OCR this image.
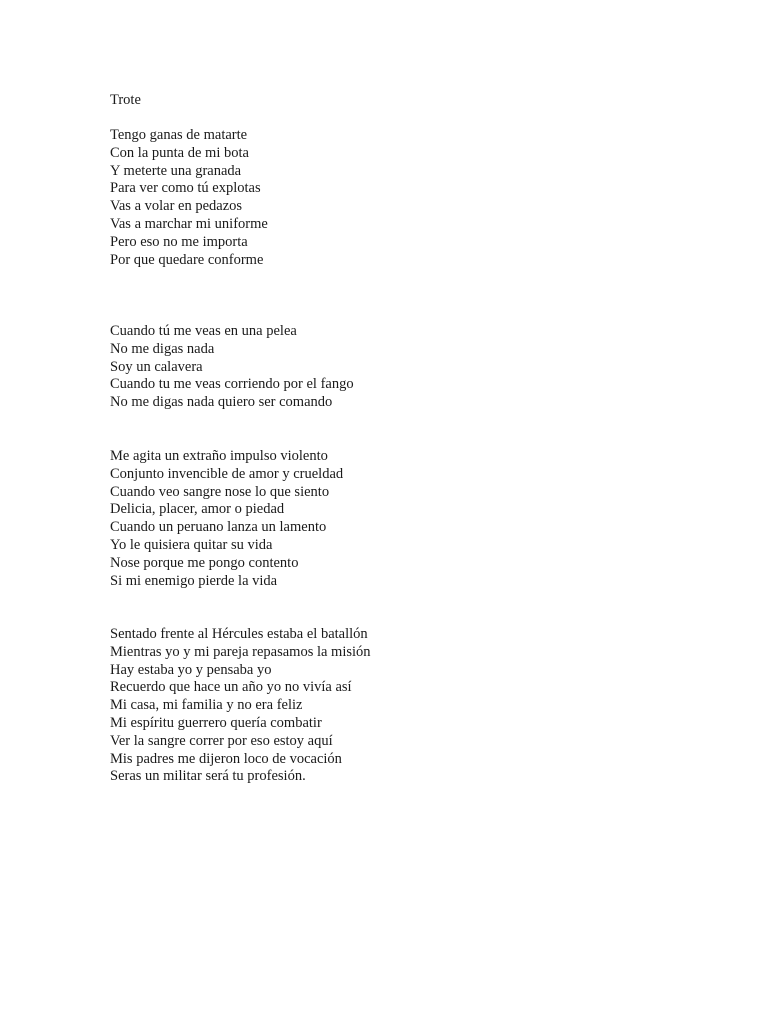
Trote
Tengo ganas de matarte
Con la punta de mi bota
Y meterte una granada
Para ver como tú explotas
Vas a volar en pedazos
Vas a marchar mi uniforme
Pero eso no me importa
Por que quedare conforme
Cuando tú me veas en una pelea
No me digas nada
Soy un calavera
Cuando tu me veas corriendo por el fango
No me digas nada quiero ser comando
Me agita un extraño impulso violento
Conjunto invencible de amor y crueldad
Cuando veo sangre nose lo que siento
Delicia, placer, amor o piedad
Cuando un peruano lanza un lamento
Yo le quisiera quitar su vida
Nose porque me pongo contento
Si mi enemigo pierde la vida
Sentado frente al Hércules estaba el batallón
Mientras yo y mi pareja repasamos la misión
Hay estaba yo y pensaba yo
Recuerdo que hace un año yo no vivía así
Mi casa, mi familia y no era feliz
Mi espíritu guerrero quería combatir
Ver la sangre correr por eso estoy aquí
Mis padres me dijeron loco de vocación
Seras un militar será tu profesión.
